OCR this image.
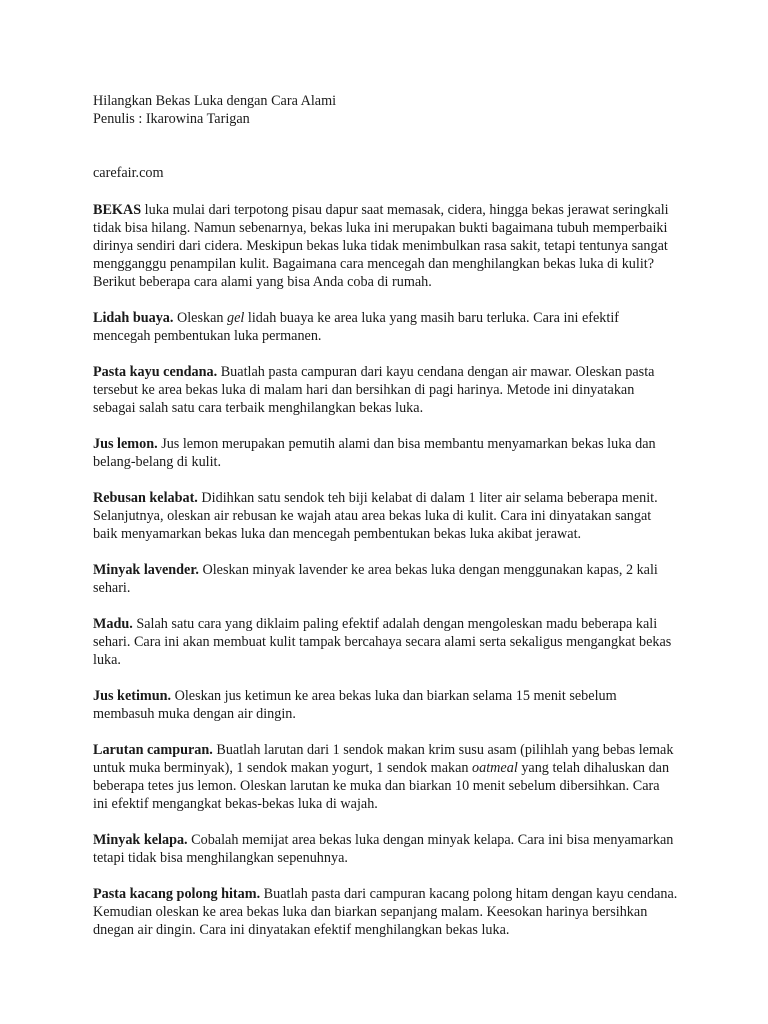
Hilangkan Bekas Luka dengan Cara Alami

Penulis : Ikarowina Tarigan

carefair.com

BEKAS luka mulai dari terpotong pisau dapur saat memasak, cidera, hingga bekas jerawat seringkali tidak bisa hilang. Namun sebenarnya, bekas luka ini merupakan bukti bagaimana tubuh memperbaiki dirinya sendiri dari cidera. Meskipun bekas luka tidak menimbulkan rasa sakit, tetapi tentunya sangat mengganggu penampilan kulit. Bagaimana cara mencegah dan menghilangkan bekas luka di kulit? Berikut beberapa cara alami yang bisa Anda coba di rumah.

Lidah buaya. Oleskan gel lidah buaya ke area luka yang masih baru terluka. Cara ini efektif mencegah pembentukan luka permanen.

Pasta kayu cendana. Buatlah pasta campuran dari kayu cendana dengan air mawar. Oleskan pasta tersebut ke area bekas luka di malam hari dan bersihkan di pagi harinya. Metode ini dinyatakan sebagai salah satu cara terbaik menghilangkan bekas luka.

Jus lemon. Jus lemon merupakan pemutih alami dan bisa membantu menyamarkan bekas luka dan belang-belang di kulit.

Rebusan kelabat. Didihkan satu sendok teh biji kelabat di dalam 1 liter air selama beberapa menit. Selanjutnya, oleskan air rebusan ke wajah atau area bekas luka di kulit. Cara ini dinyatakan sangat baik menyamarkan bekas luka dan mencegah pembentukan bekas luka akibat jerawat.

Minyak lavender. Oleskan minyak lavender ke area bekas luka dengan menggunakan kapas, 2 kali sehari.

Madu. Salah satu cara yang diklaim paling efektif adalah dengan mengoleskan madu beberapa kali sehari. Cara ini akan membuat kulit tampak bercahaya secara alami serta sekaligus mengangkat bekas luka.

Jus ketimun. Oleskan jus ketimun ke area bekas luka dan biarkan selama 15 menit sebelum membasuh muka dengan air dingin.

Larutan campuran. Buatlah larutan dari 1 sendok makan krim susu asam (pilihlah yang bebas lemak untuk muka berminyak), 1 sendok makan yogurt, 1 sendok makan oatmeal yang telah dihaluskan dan beberapa tetes jus lemon. Oleskan larutan ke muka dan biarkan 10 menit sebelum dibersihkan. Cara ini efektif mengangkat bekas-bekas luka di wajah.

Minyak kelapa. Cobalah memijat area bekas luka dengan minyak kelapa. Cara ini bisa menyamarkan tetapi tidak bisa menghilangkan sepenuhnya.

Pasta kacang polong hitam. Buatlah pasta dari campuran kacang polong hitam dengan kayu cendana. Kemudian oleskan ke area bekas luka dan biarkan sepanjang malam. Keesokan harinya bersihkan dnegan air dingin. Cara ini dinyatakan efektif menghilangkan bekas luka.
